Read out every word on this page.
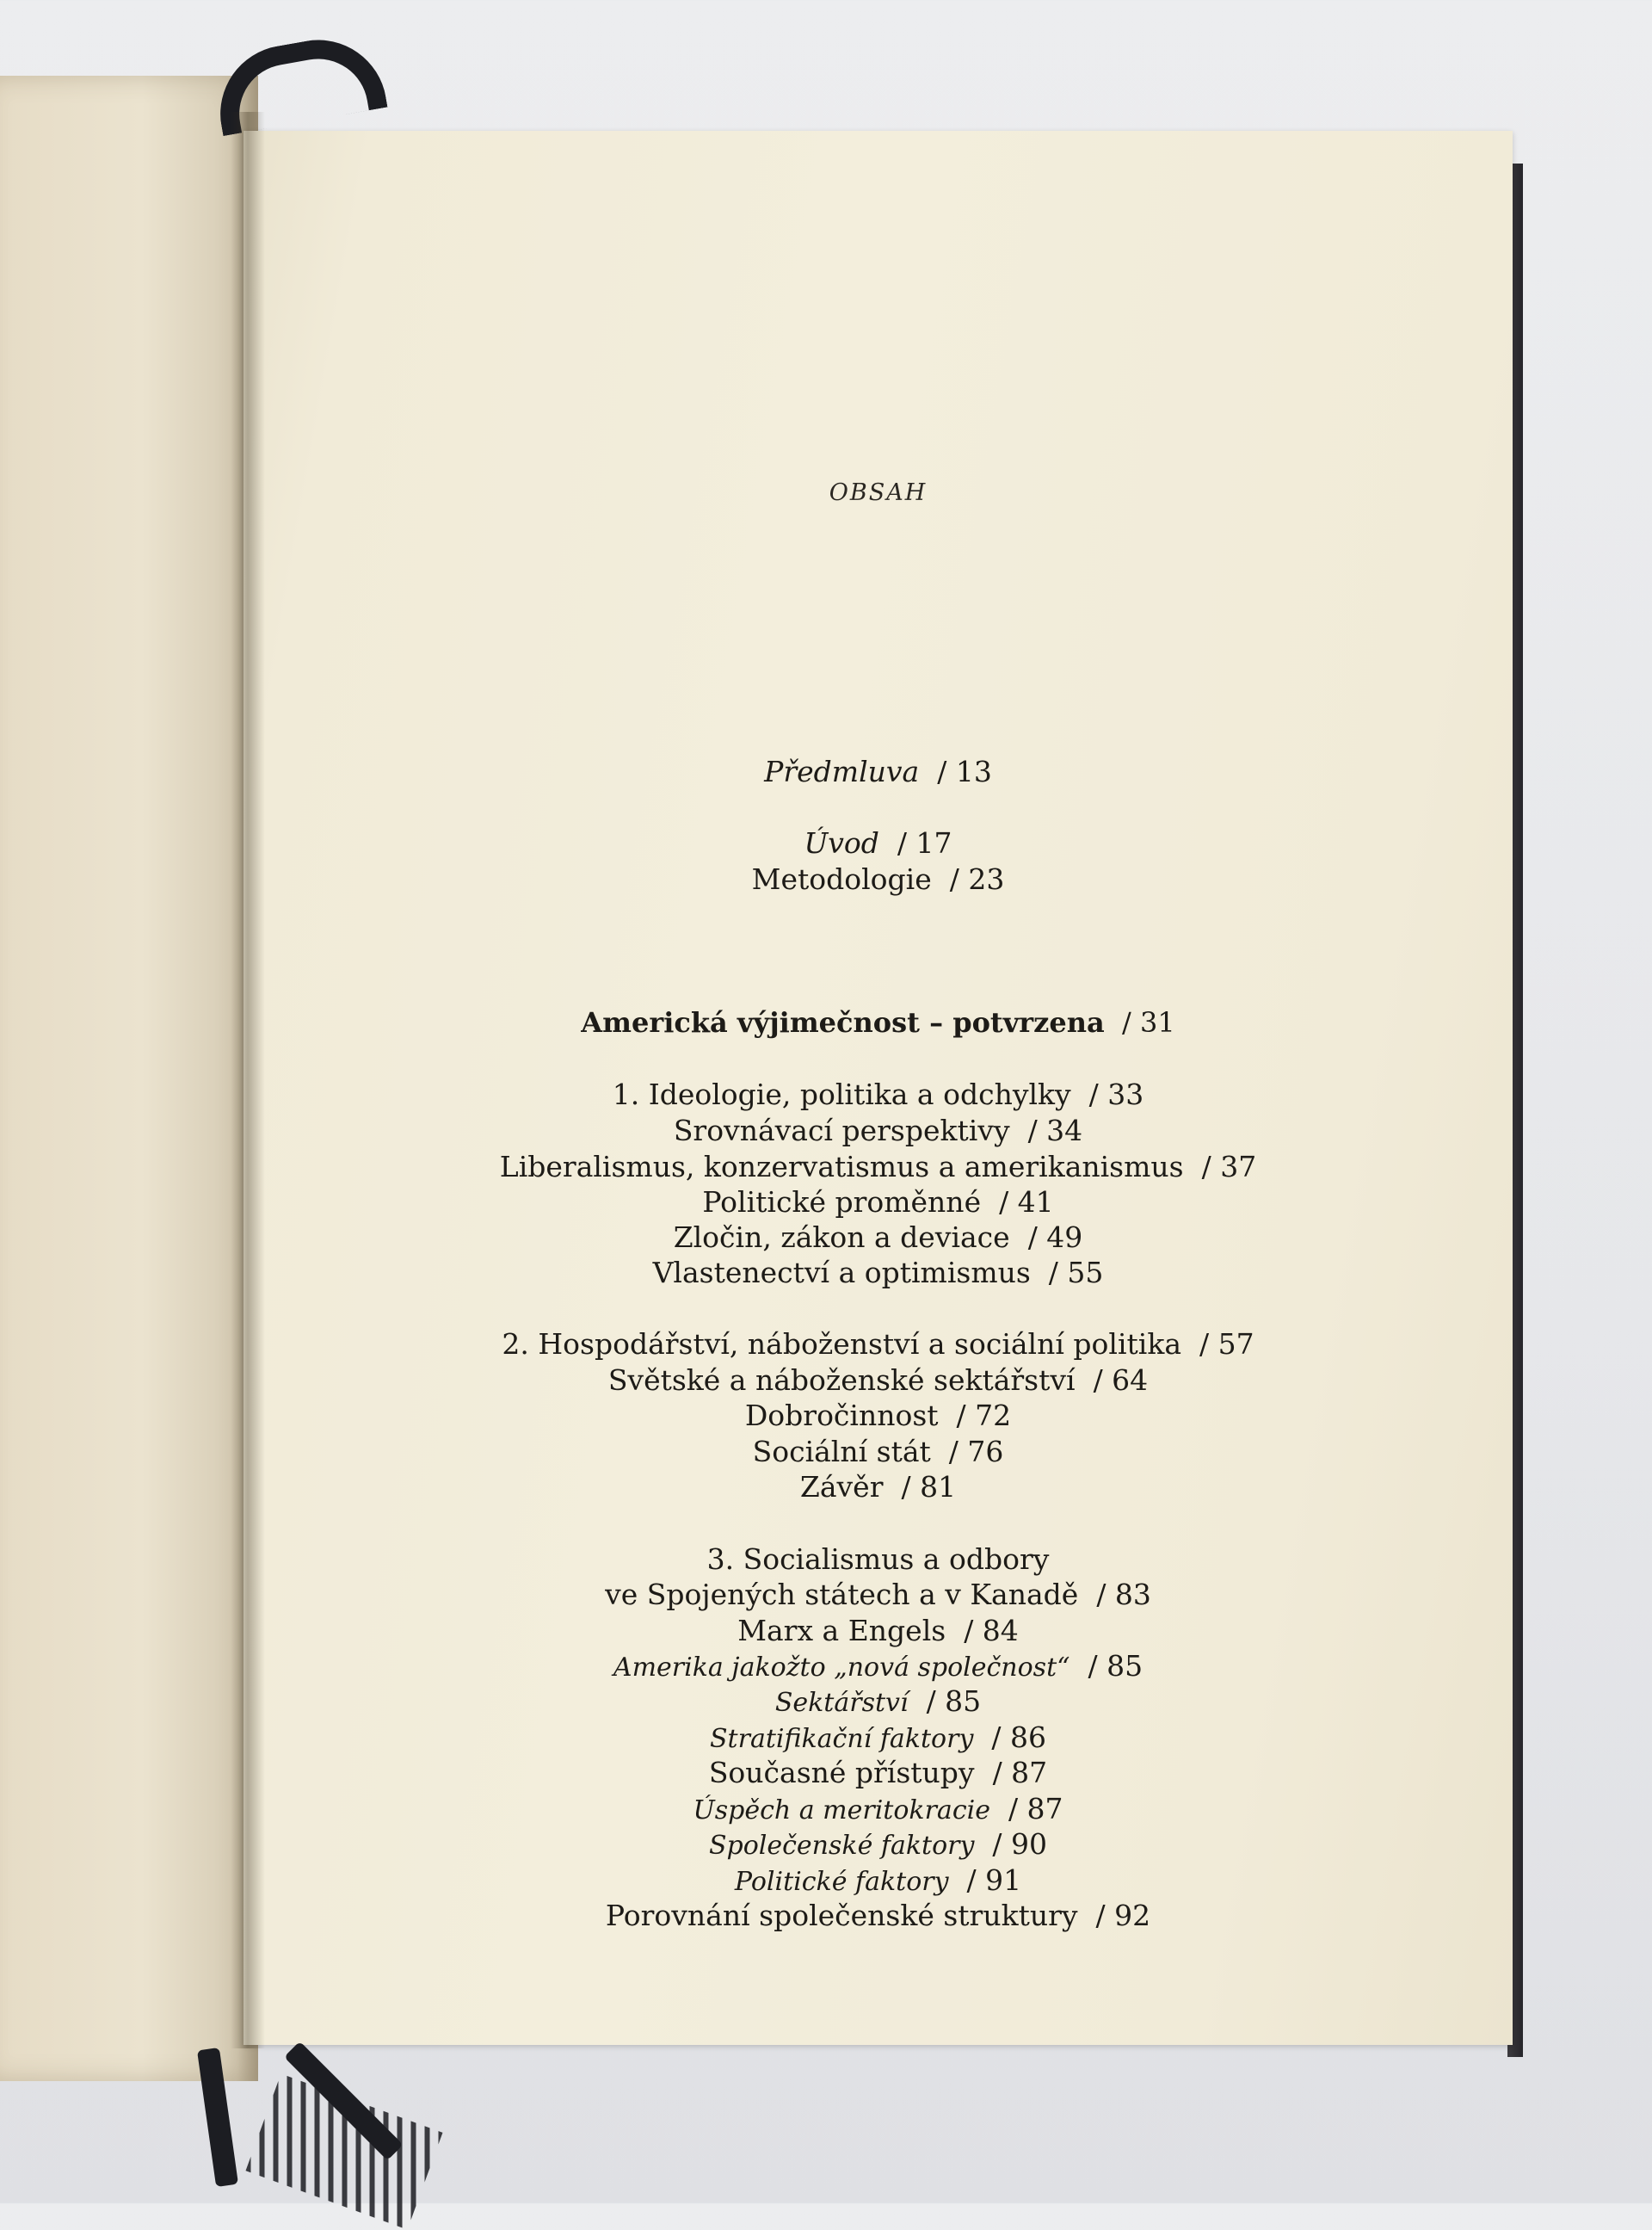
OBSAH
Předmluva / 13
Úvod / 17
Metodologie / 23
Americká výjimečnost – potvrzena / 31
1. Ideologie, politika a odchylky / 33
Srovnávací perspektivy / 34
Liberalismus, konzervatismus a amerikanismus / 37
Politické proměnné / 41
Zločin, zákon a deviace / 49
Vlastenectví a optimismus / 55
2. Hospodářství, náboženství a sociální politika / 57
Světské a náboženské sektářství / 64
Dobročinnost / 72
Sociální stát / 76
Závěr / 81
3. Socialismus a odbory
ve Spojených státech a v Kanadě / 83
Marx a Engels / 84
Amerika jakožto „nová společnost“ / 85
Sektářství / 85
Stratifikační faktory / 86
Současné přístupy / 87
Úspěch a meritokracie / 87
Společenské faktory / 90
Politické faktory / 91
Porovnání společenské struktury / 92
